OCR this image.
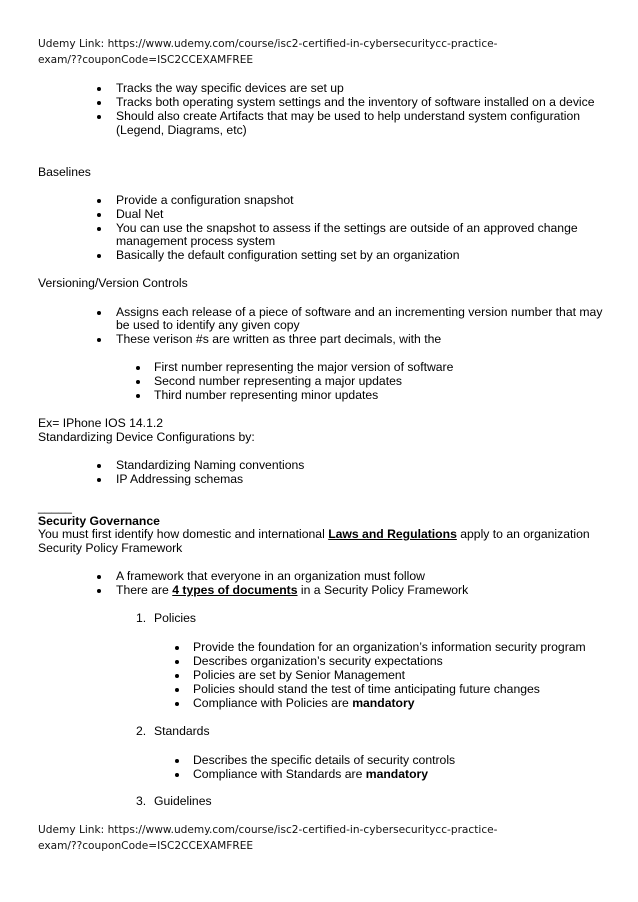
Udemy Link: https://www.udemy.com/course/isc2-certified-in-cybersecuritycc-practice-
exam/??couponCode=ISC2CCEXAMFREE
Tracks the way specific devices are set up
Tracks both operating system settings and the inventory of software installed on a device
Should also create Artifacts that may be used to help understand system configuration
(Legend, Diagrams, etc)
Baselines
Provide a configuration snapshot
Dual Net
You can use the snapshot to assess if the settings are outside of an approved change
management process system
Basically the default configuration setting set by an organization
Versioning/Version Controls
Assigns each release of a piece of software and an incrementing version number that may
be used to identify any given copy
These verison #s are written as three part decimals, with the
First number representing the major version of software
Second number representing a major updates
Third number representing minor updates
Ex= IPhone IOS 14.1.2
Standardizing Device Configurations by:
Standardizing Naming conventions
IP Addressing schemas
_____
Security Governance
You must first identify how domestic and international Laws and Regulations apply to an organization
Security Policy Framework
A framework that everyone in an organization must follow
There are 4 types of documents in a Security Policy Framework
1. Policies
Provide the foundation for an organization’s information security program
Describes organization’s security expectations
Policies are set by Senior Management
Policies should stand the test of time anticipating future changes
Compliance with Policies are mandatory
2. Standards
Describes the specific details of security controls
Compliance with Standards are mandatory
3. Guidelines
Udemy Link: https://www.udemy.com/course/isc2-certified-in-cybersecuritycc-practice-
exam/??couponCode=ISC2CCEXAMFREE
